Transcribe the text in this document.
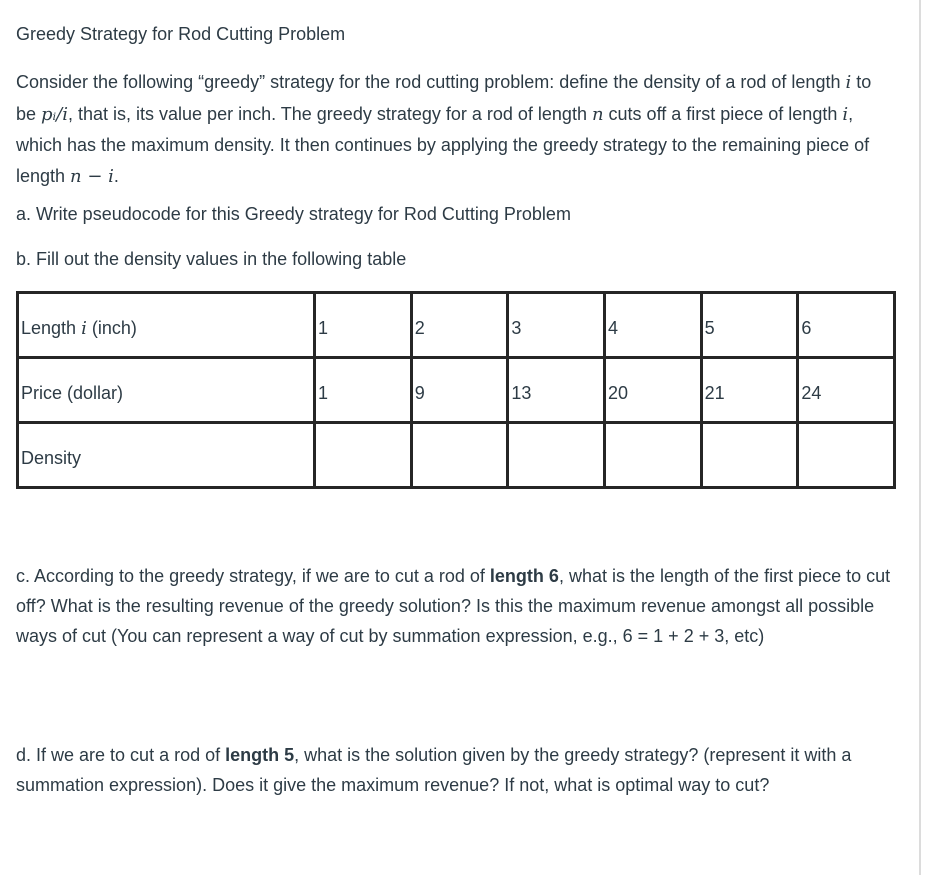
Greedy Strategy for Rod Cutting Problem

Consider the following “greedy” strategy for the rod cutting problem: define the density of a rod of length i to be pᵢ/i, that is, its value per inch. The greedy strategy for a rod of length n cuts off a first piece of length i, which has the maximum density. It then continues by applying the greedy strategy to the remaining piece of length n − i.

a. Write pseudocode for this Greedy strategy for Rod Cutting Problem
b. Fill out the density values in the following table

c. According to the greedy strategy, if we are to cut a rod of length 6, what is the length of the first piece to cut off? What is the resulting revenue of the greedy solution? Is this the maximum revenue amongst all possible ways of cut (You can represent a way of cut by summation expression, e.g., 6 = 1 + 2 + 3, etc)

d. If we are to cut a rod of length 5, what is the solution given by the greedy strategy? (represent it with a summation expression). Does it give the maximum revenue? If not, what is optimal way to cut?

Length i (inch)	1	2	3	4	5	6

Price (dollar)	1	9	13	20	21	24

Density						
